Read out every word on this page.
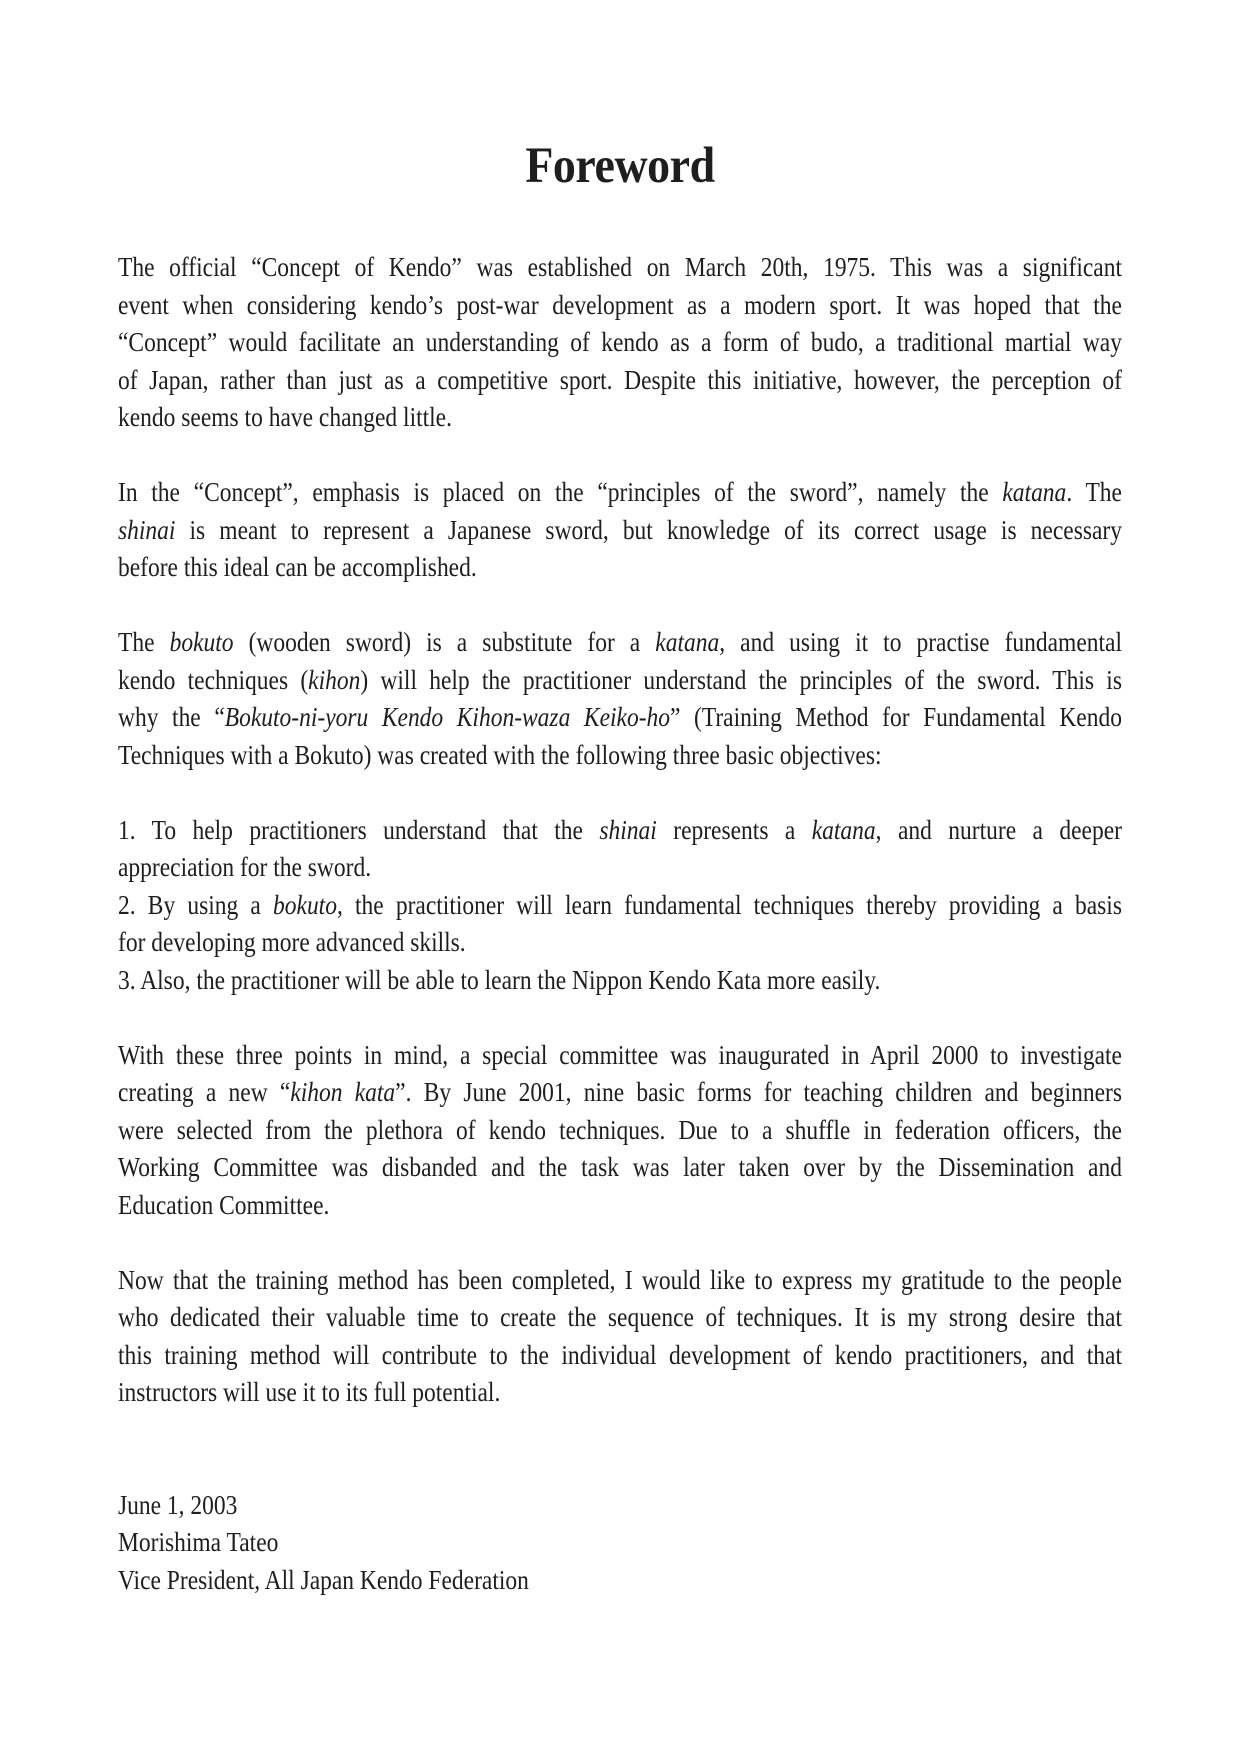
Foreword
The official “Concept of Kendo” was established on March 20th, 1975. This was a significant
event when considering kendo’s post-war development as a modern sport. It was hoped that the
“Concept” would facilitate an understanding of kendo as a form of budo, a traditional martial way
of Japan, rather than just as a competitive sport. Despite this initiative, however, the perception of
kendo seems to have changed little.
In the “Concept”, emphasis is placed on the “principles of the sword”, namely the katana. The
shinai is meant to represent a Japanese sword, but knowledge of its correct usage is necessary
before this ideal can be accomplished.
The bokuto (wooden sword) is a substitute for a katana, and using it to practise fundamental
kendo techniques (kihon) will help the practitioner understand the principles of the sword. This is
why the “Bokuto-ni-yoru Kendo Kihon-waza Keiko-ho” (Training Method for Fundamental Kendo
Techniques with a Bokuto) was created with the following three basic objectives:
1. To help practitioners understand that the shinai represents a katana, and nurture a deeper
appreciation for the sword.
2. By using a bokuto, the practitioner will learn fundamental techniques thereby providing a basis
for developing more advanced skills.
3. Also, the practitioner will be able to learn the Nippon Kendo Kata more easily.
With these three points in mind, a special committee was inaugurated in April 2000 to investigate
creating a new “kihon kata”. By June 2001, nine basic forms for teaching children and beginners
were selected from the plethora of kendo techniques. Due to a shuffle in federation officers, the
Working Committee was disbanded and the task was later taken over by the Dissemination and
Education Committee.
Now that the training method has been completed, I would like to express my gratitude to the people
who dedicated their valuable time to create the sequence of techniques. It is my strong desire that
this training method will contribute to the individual development of kendo practitioners, and that
instructors will use it to its full potential.
June 1, 2003
Morishima Tateo
Vice President, All Japan Kendo Federation
